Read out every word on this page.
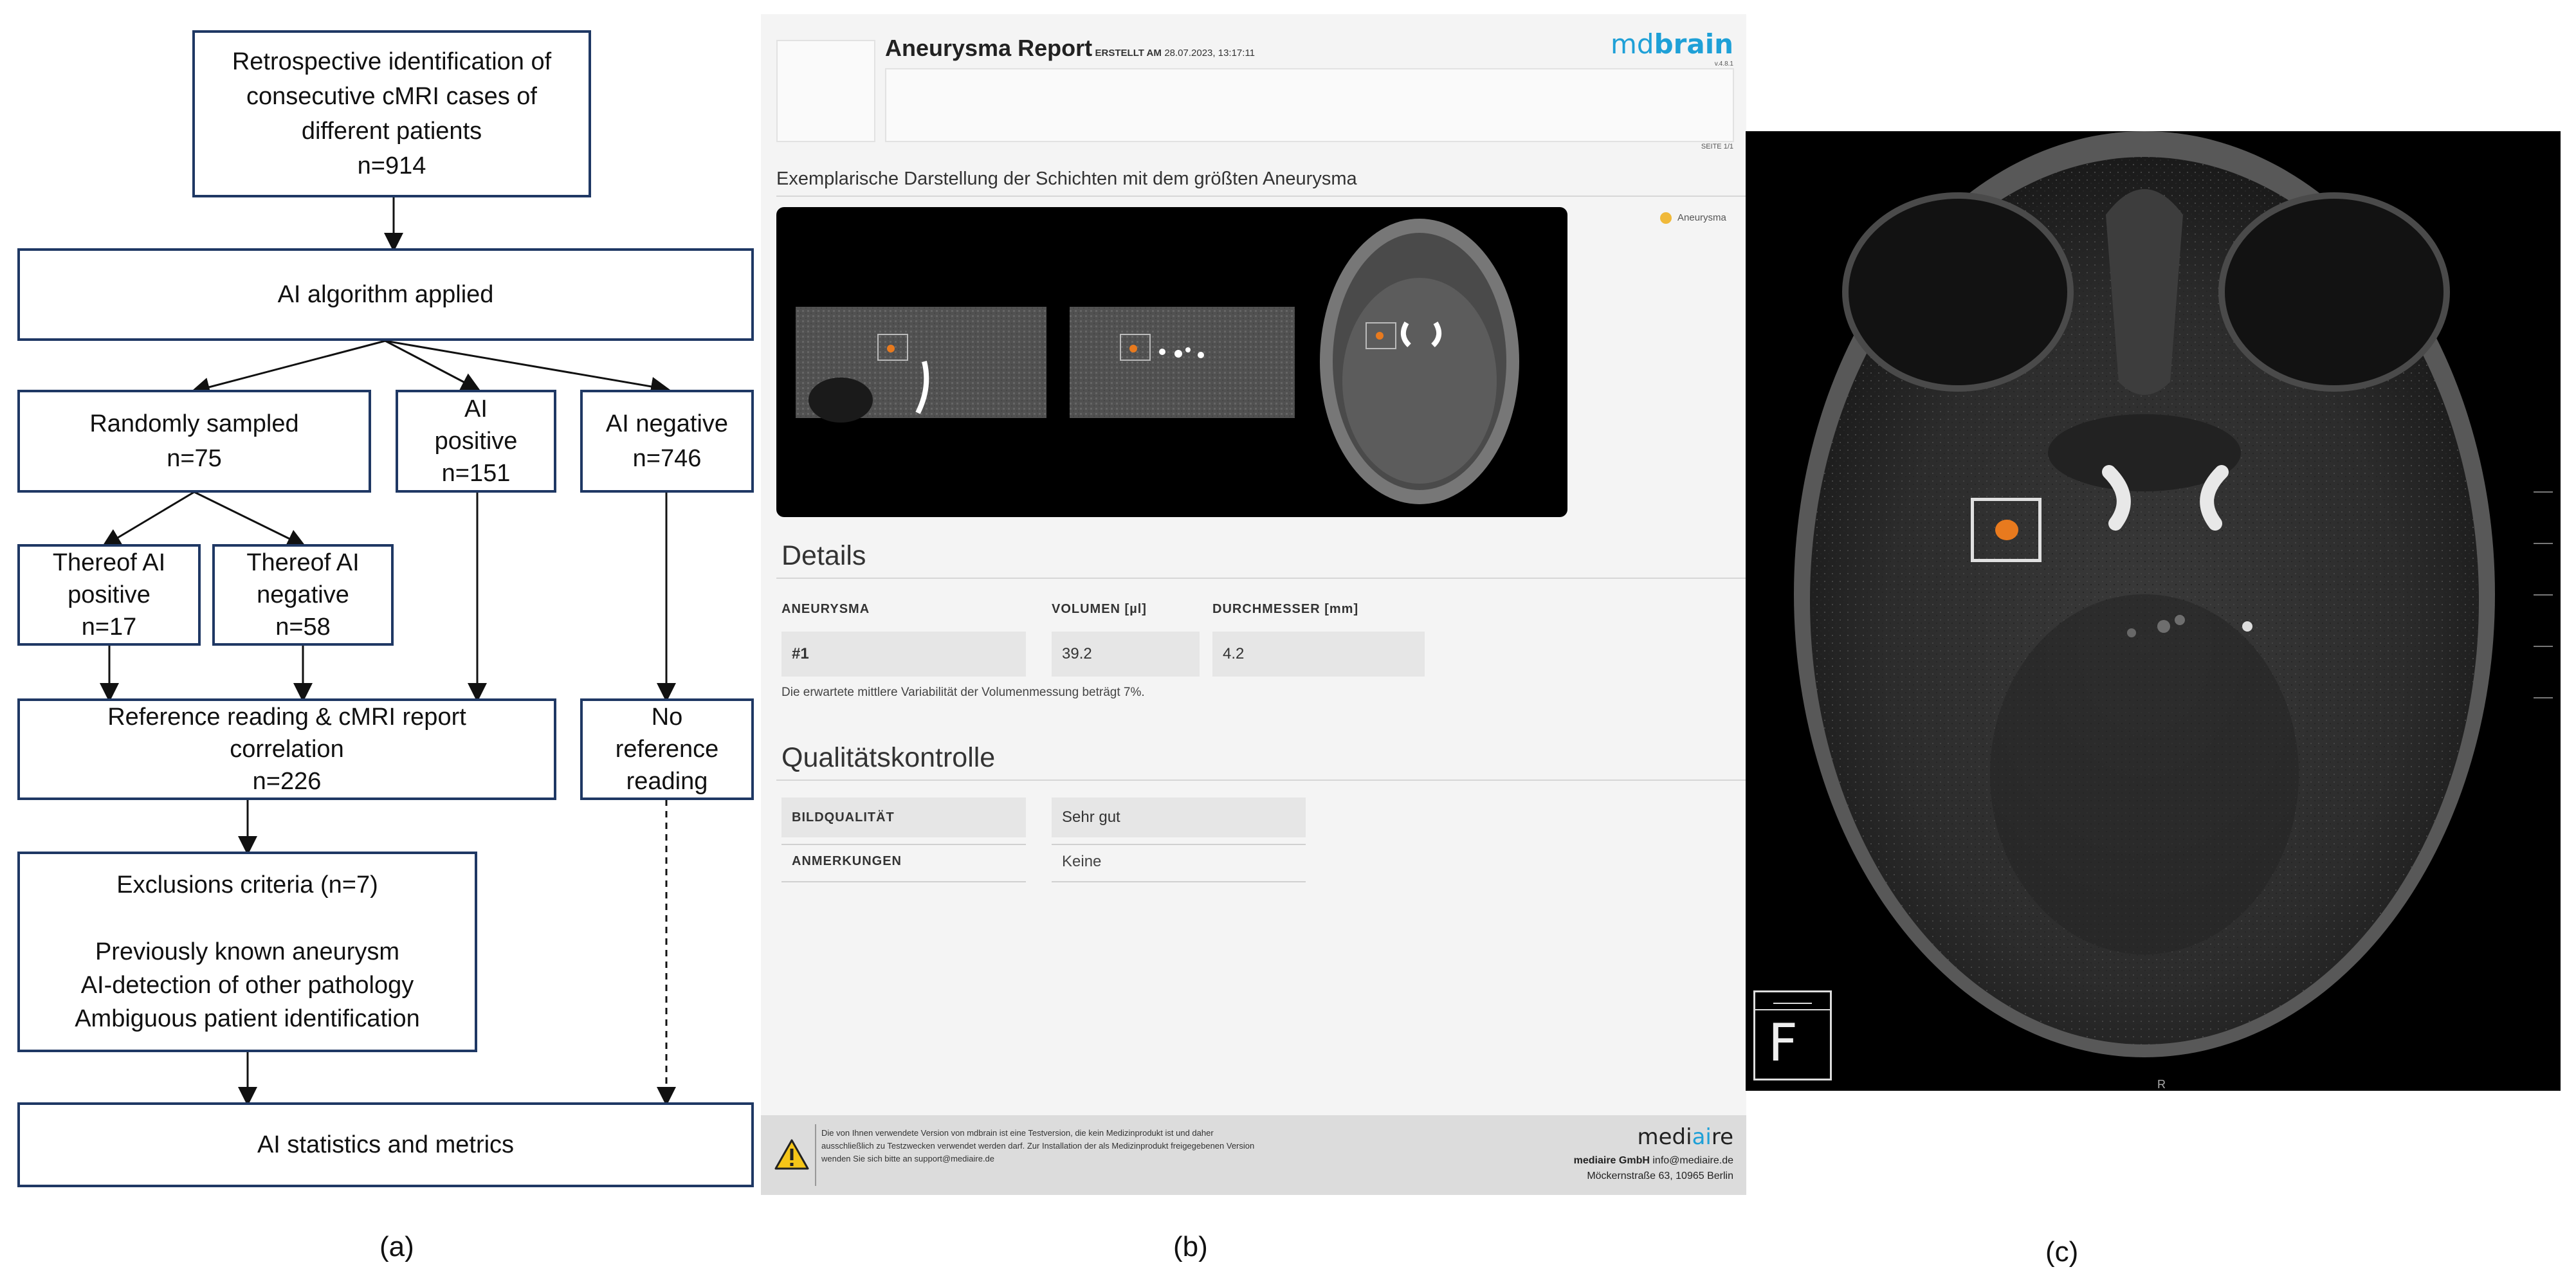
Retrospective identification of
consecutive cMRI cases of
different patients
n=914
AI algorithm applied
Randomly sampled
n=75
AI
positive
n=151
AI negative
n=746
Thereof AI
positive
n=17
Thereof AI
negative
n=58
Reference reading & cMRI report
correlation
n=226
No
reference
reading
Exclusions criteria (n=7)
Previously known aneurysm
AI-detection of other pathology
Ambiguous patient identification
AI statistics and metrics
(a)
Aneurysma Report ERSTELLT AM 28.07.2023, 13:17:11	mdbrain
v.4.8.1
SEITE 1/1
Exemplarische Darstellung der Schichten mit dem größten Aneurysma
Aneurysma
Details
ANEURYSMA	VOLUMEN [µl]	DURCHMESSER [mm]
#1	39.2	4.2
Die erwartete mittlere Variabilität der Volumenmessung beträgt 7%.
Qualitätskontrolle
BILDQUALITÄT	Sehr gut
ANMERKUNGEN	Keine
Die von Ihnen verwendete Version von mdbrain ist eine Testversion, die kein Medizinprodukt ist und daher ausschließlich zu Testzwecken verwendet werden darf. Zur Installation der als Medizinprodukt freigegebenen Version wenden Sie sich bitte an support@mediaire.de
mediaire
mediaire GmbH info@mediaire.de
Möckernstraße 63, 10965 Berlin
(b)
F
R
(c)
